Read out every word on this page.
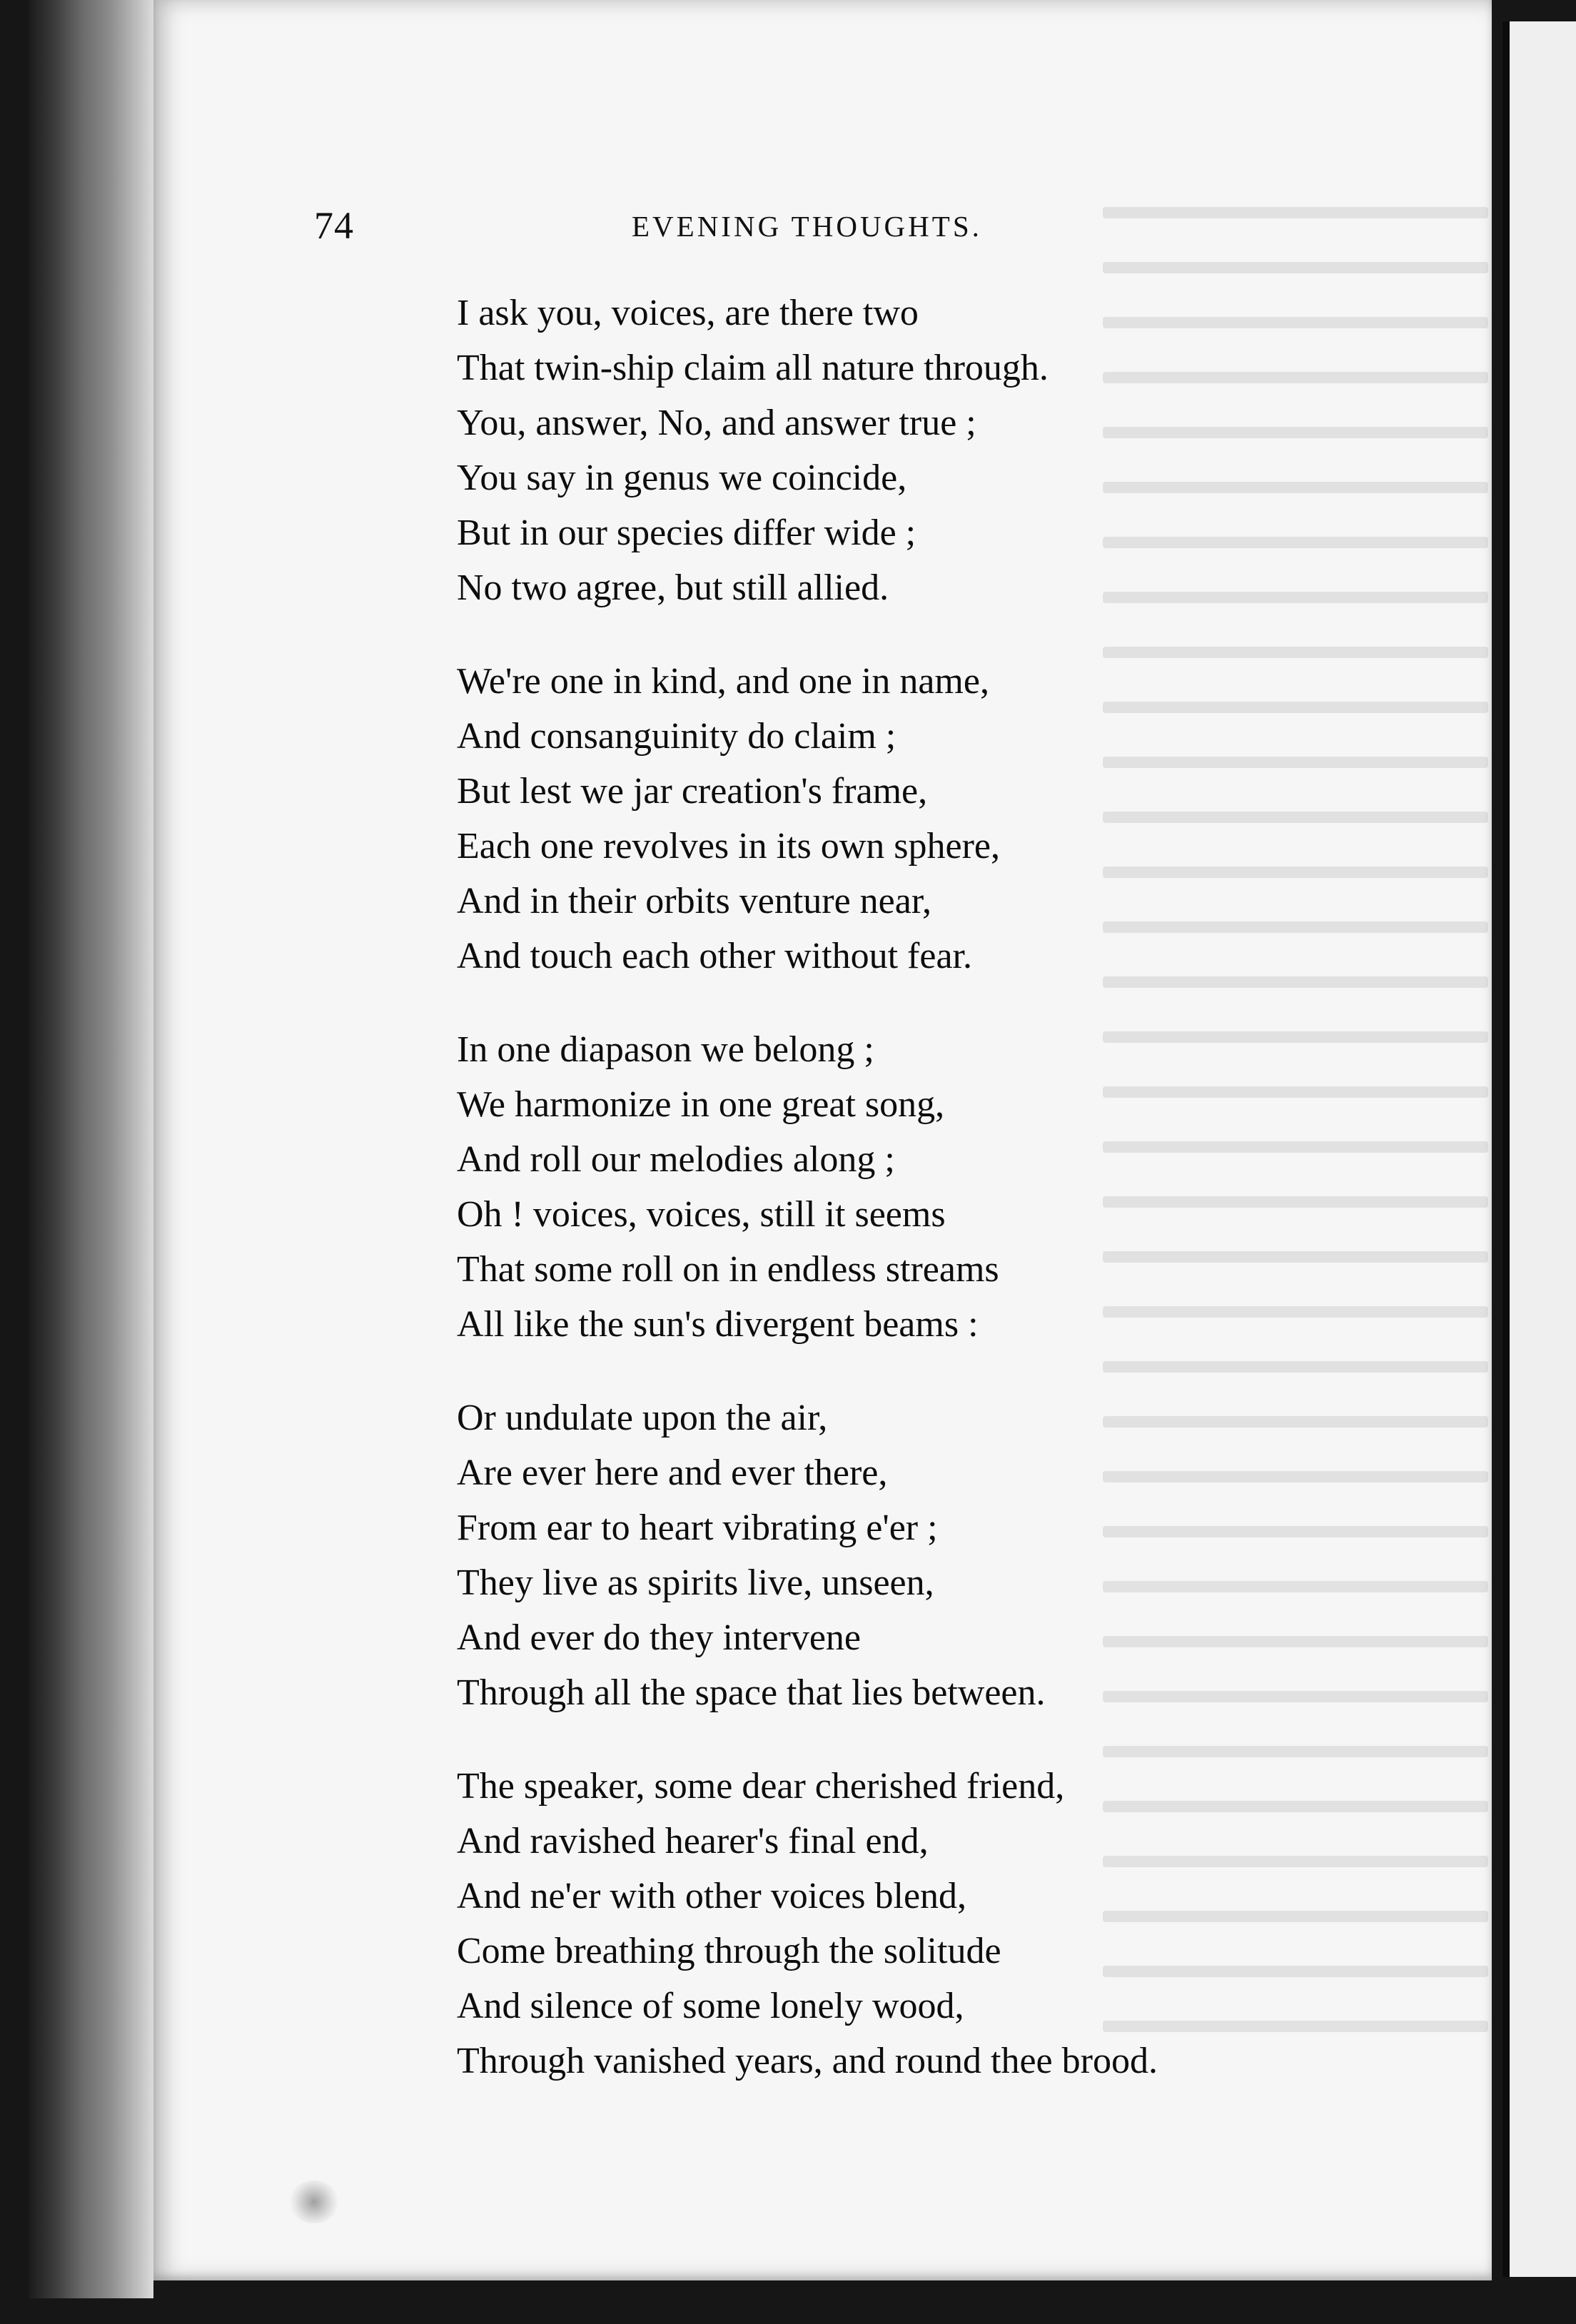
74	EVENING THOUGHTS.
I ask you, voices, are there two
That twin-ship claim all nature through.
You, answer, No, and answer true ;
You say in genus we coincide,
But in our species differ wide ;
No two agree, but still allied.
We're one in kind, and one in name,
And consanguinity do claim ;
But lest we jar creation's frame,
Each one revolves in its own sphere,
And in their orbits venture near,
And touch each other without fear.
In one diapason we belong ;
We harmonize in one great song,
And roll our melodies along ;
Oh ! voices, voices, still it seems
That some roll on in endless streams
All like the sun's divergent beams :
Or undulate upon the air,
Are ever here and ever there,
From ear to heart vibrating e'er ;
They live as spirits live, unseen,
And ever do they intervene
Through all the space that lies between.
The speaker, some dear cherished friend,
And ravished hearer's final end,
And ne'er with other voices blend,
Come breathing through the solitude
And silence of some lonely wood,
Through vanished years, and round thee brood.
